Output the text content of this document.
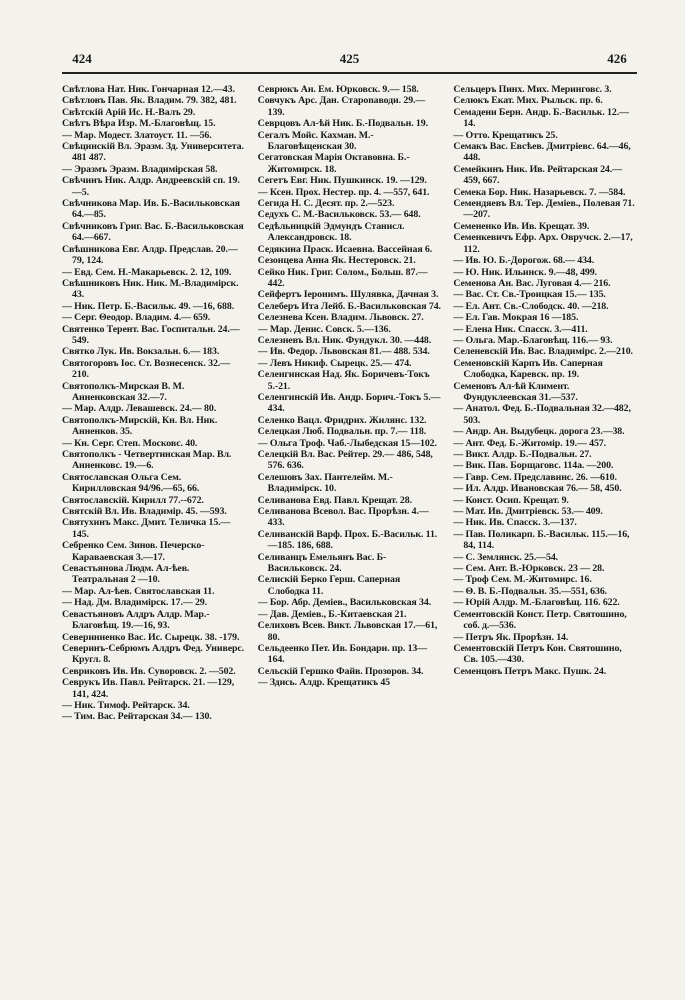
424	425	426

Свѣтлова Нат. Ник. Гончарная 12.—43.

Свѣтловъ Пав. Як. Владим. 79. 382, 481.

Свѣтскій Арій Ис. Н.-Валъ 29.

Свѣтъ Вѣра Изр. М.-Благовѣщ. 15.

— Мар. Модест. Златоуст. 11. —56.

Свѣцинскій Вл. Эразм. Зд. Университета. 481 487.

— Эразмъ Эразм. Владимірская 58.

Свѣчинъ Ник. Алдр. Андреевскій сп. 19.—5.

Свѣчникова Мар. Ив. Б.-Васильковская 64.—85.

Свѣчниковъ Григ. Вас. Б.-Васильковская 64.—667.

Свѣшникова Евг. Алдр. Предслав. 20.—79, 124.

— Евд. Сем. Н.-Макарьевск. 2. 12, 109.

Свѣшниковъ Ник. Ник. М.-Владимірск. 43.

— Ник. Петр. Б.-Васильк. 49. —16, 688.

— Серг. Θеодор. Владим. 4.— 659.

Святенко Терент. Вас. Госпитальн. 24.—549.

Святко Лук. Ив. Вокзальн. 6.— 183.

Святогоровъ Іос. Ст. Вознесенск. 32.—210.

Святополкъ-Мирская В. М. Анненковская 32.—7.

— Мар. Алдр. Левашевск. 24.— 80.

Святополкъ-Мирскій, Кн. Вл. Ник. Анненков. 35.

— Кн. Серг. Степ. Московс. 40.

Святополкъ - Четвертинская Мар. Вл. Анненковс. 19.—6.

Святославская Ольга Сем. Кирилловская 94/96.—65, 66.

Святославскій. Кирилл 77.--672.

Святскій Вл. Ив. Владимір. 45. —593.

Святухинъ Макс. Дмит. Теличка 15.—145.

Себренко Сем. Зинов. Печерско-Караваевская 3.—17.

Севастьянова Людм. Ал-ѣев. Театральная 2 —10.

— Мар. Ал-ѣев. Святославская 11.

— Над. Дм. Владимірск. 17.— 29.

Севастьяновъ Алдръ Алдр. Мар.-Благовѣщ. 19.—16, 93.

Северинненко Вас. Ис. Сырецк. 38. -179.

Северинъ-Себрюмъ Алдръ Фед. Универс. Кругл. 8.

Севриковъ Ив. Ив. Суворовск. 2. —502.

Севрукъ Ив. Павл. Рейтарск. 21. —129, 141, 424.

— Ник. Тимоф. Рейтарск. 34.

— Тим. Вас. Рейтарская 34.— 130.

Севрюкъ Ан. Ем. Юрковск. 9.— 158.

Совчукъ Арс. Дан. Староnаводи. 29.—139.

Севрцовъ Ал-ѣй Ник. Б.-Подвальн. 19.

Сегалъ Мойс. Кахман. М.-Благовѣщенская 30.

Сегатовская Марія Октавовна. Б.-Житомирск. 18.

Сегетъ Евг. Ник. Пушкинск. 19. —129.

— Ксен. Прох. Нестер. пр. 4. —557, 641.

Сегида Н. С. Десят. пр. 2.—523.

Седухъ С. М.-Васильковск. 53.— 648.

Седѣльницкій Эдмундъ Станисл. Александровск. 18.

Седякина Праск. Исаевна. Вассейная 6.

Сезонцева Анна Як. Нестеровск. 21.

Сейко Ник. Григ. Солом., Больш. 87.—442.

Сейфертъ Іеронимъ. Шулявка, Дачная 3.

Селеберъ Ита Лейб. Б.-Васильковская 74.

Селезнева Ксен. Владим. Львовск. 27.

— Мар. Денис. Совск. 5.—136.

Селезневъ Вл. Ник. Фундукл. 30. —448.

— Ив. Федор. Львовская 81.— 488. 534.

— Левъ Никиф. Сырецк. 25.— 474.

Селенгинская Над. Як. Боричевъ-Токъ 5.-21.

Селенгинскій Ив. Андр. Борич.-Токъ 5.—434.

Селенко Вацл. Фридрих. Жилянс. 132.

Селецкая Люб. Подвальн. пр. 7.— 118.

— Ольга Троф. Чаб.-Лыбедская 15—102.

Селецкій Вл. Вас. Рейтер. 29.— 486, 548, 576. 636.

Селешовъ Зах. Пантелейм. М.-Владимірск. 10.

Селиванова Евд. Павл. Крещат. 28.

Селиванова Всевол. Вас. Прорѣзн. 4.—433.

Селиванскій Варф. Прох. Б.-Васильк. 11.—185. 186, 688.

Селиванцъ Емельянъ Вас. Б-Васильковск. 24.

Селискій Берко Герш. Саперная Слободка 11.

— Бор. Абр. Деміев., Васильковская 34.

— Дав. Деміев., Б.-Китаевская 21.

Селиховъ Всев. Викт. Львовская 17.—61, 80.

Сельдеенко Пет. Ив. Бондари. пр. 13—164.

Сельскій Гершко Файв. Прозоров. 34.

— Здись. Алдр. Крещатикъ 45

Сельцеръ Пинх. Мих. Меринговс. 3.

Селюкъ Екат. Мих. Рыльск. пр. 6.

Семадени Берн. Андр. Б.-Васильк. 12.—14.

— Отто. Крещатикъ 25.

Семакъ Вас. Евсѣев. Дмитріевс. 64.—46, 448.

Семейкинъ Ник. Ив. Рейтарская 24.—459, 667.

Семека Бор. Ник. Назарьевск. 7. —584.

Семендяевъ Вл. Тер. Деміев., Полевая 71.—207.

Семененко Ив. Ив. Крещат. 39.

Семенкевичъ Ефр. Арх. Овручск. 2.—17, 112.

— Ив. Ю. Б.-Дорогож. 68.— 434.

— Ю. Ник. Ильинск. 9.—48, 499.

Семенова Ан. Вас. Луговая 4.— 216.

— Вас. Ст. Св.-Троицкая 15.— 135.

— Ел. Ант. Св.-Слободск. 40. —218.

— Ел. Гав. Мокрая 16 —185.

— Елена Ник. Спасск. 3.—411.

— Ольга. Мар.-Благовѣщ. 116.— 93.

Селеневскій Ив. Вас. Владимірс. 2.—210.

Семеновскій Карпъ Ив. Саперная Слободка, Каревск. пр. 19.

Семеновъ Ал-ѣй Климент. Фундуклеевская 31.—537.

— Анатол. Фед. Б.-Подвальная 32.—482, 503.

— Андр. Ан. Выдубецк. дорога 23.—38.

— Ант. Фед. Б.-Житомір. 19.— 457.

— Викт. Алдр. Б.-Подвальн. 27.

— Вик. Пав. Борщаговс. 114а. —200.

— Гавр. Сем. Предславинс. 26. —610.

— Ил. Алдр. Ивановская 76.— 58, 450.

— Конст. Осип. Крещат. 9.

— Мат. Ив. Дмитріевск. 53.— 409.

— Ник. Ив. Спасск. 3.—137.

— Пав. Поликарп. Б.-Васильк. 115.—16, 84, 114.

— С. Землянск. 25.—54.

— Сем. Ант. В.-Юрковск. 23 — 28.

— Троф Сем. М.-Житомирс. 16.

— Θ. В. Б.-Подвальн. 35.—551, 636.

— Юрій Алдр. М.-Благовѣщ. 116. 622.

Сементовскій Конст. Петр. Святошино, соб. д.—536.

— Петръ Як. Прорѣзн. 14.

Сементовскій Петръ Кон. Святошино, Св. 105.—430.

Семенцовъ Петръ Макс. Пушк. 24.
